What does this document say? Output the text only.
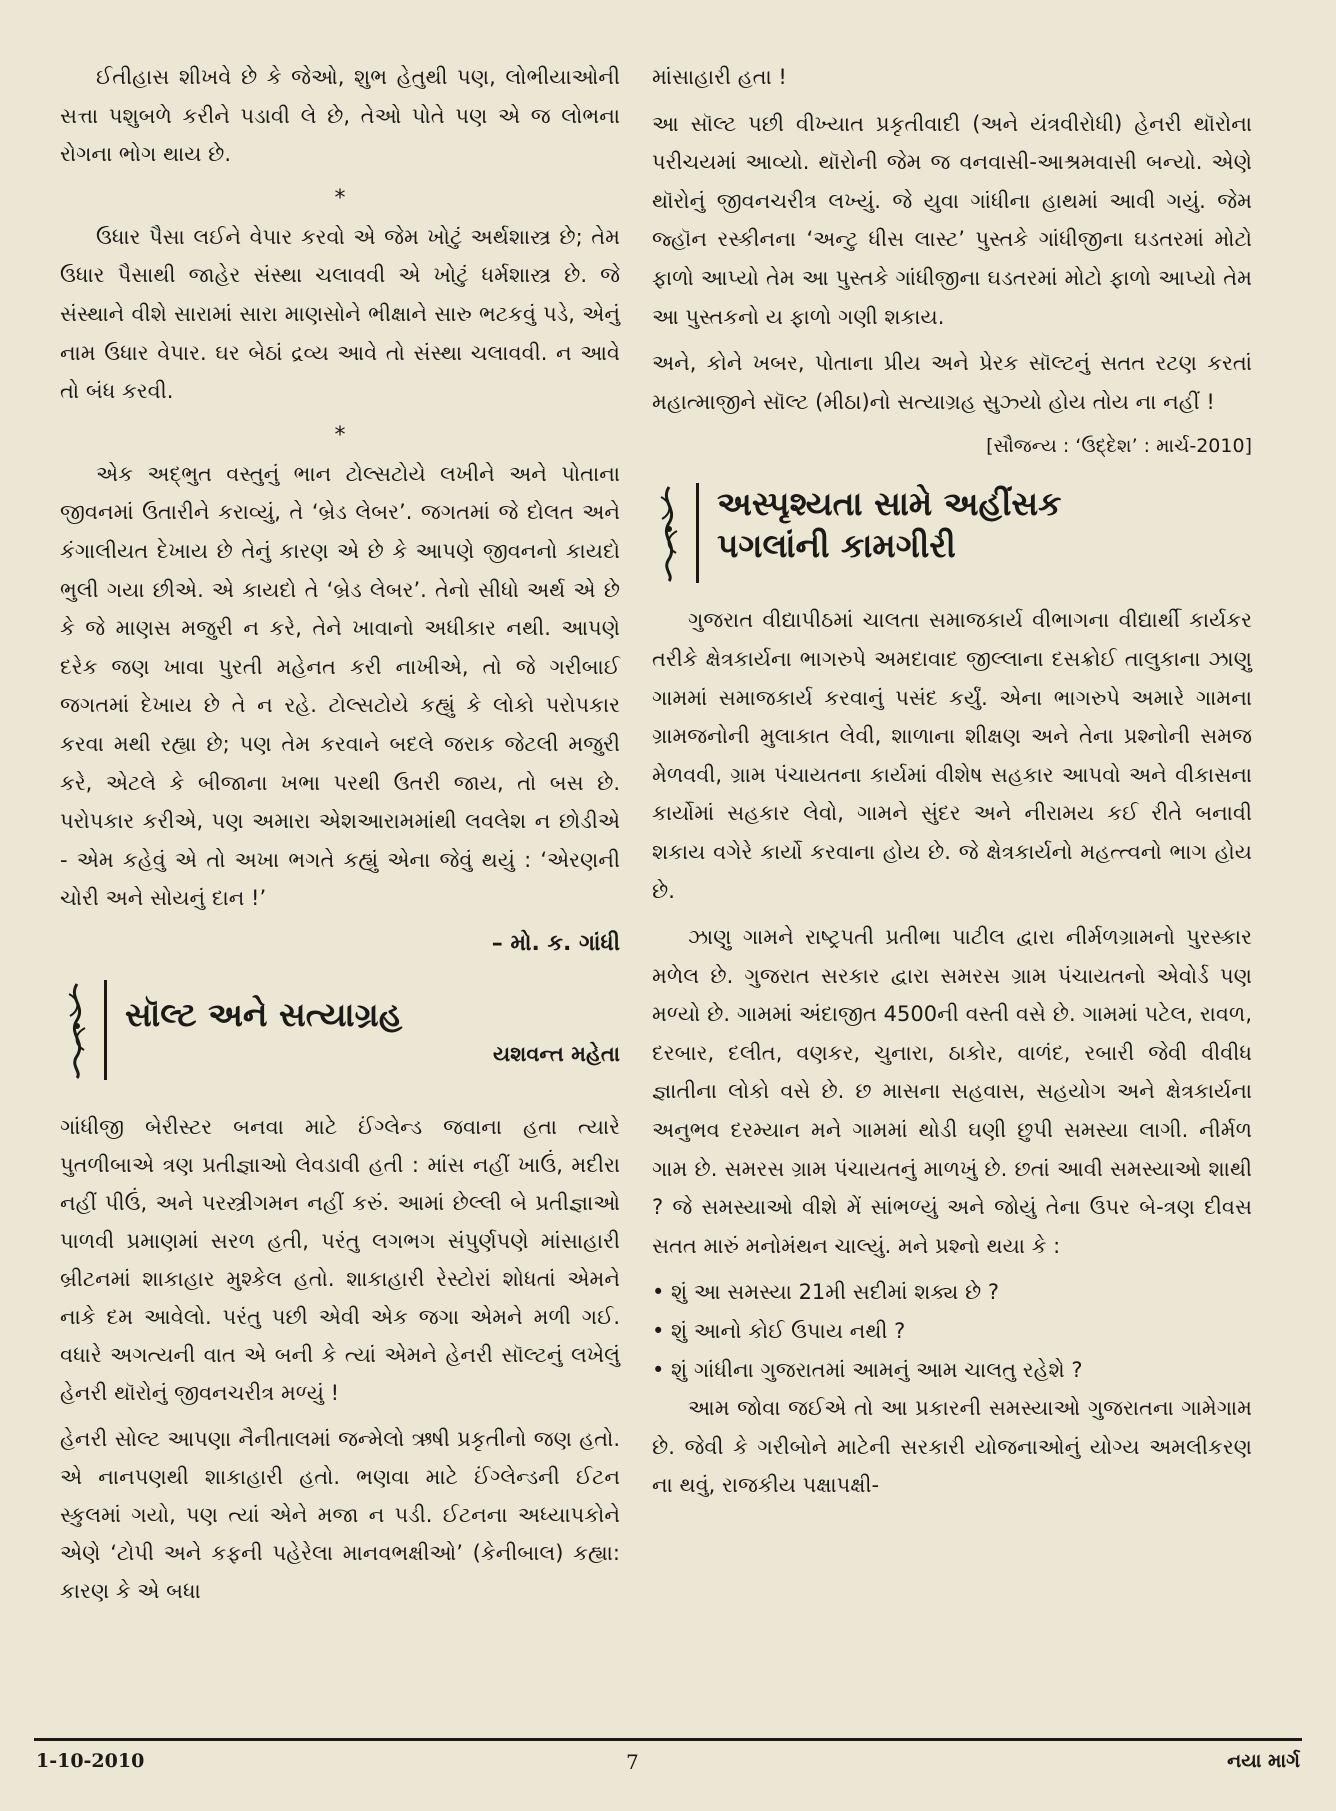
ઈતીહાસ શીખવે છે કે જેઓ, શુભ હેતુથી પણ, લોભીયાઓની સત્તા પશુબળે કરીને પડાવી લે છે, તેઓ પોતે પણ એ જ લોભના રોગના ભોગ થાય છે.

*

ઉધાર પૈસા લઈને વેપાર કરવો એ જેમ ખોટું અર્થશાસ્ત્ર છે; તેમ ઉધાર પૈસાથી જાહેર સંસ્થા ચલાવવી એ ખોટું ધર્મશાસ્ત્ર છે. જે સંસ્થાને વીશે સારામાં સારા માણસોને ભીક્ષાને સારુ ભટકવું પડે, એનું નામ ઉધાર વેપાર. ઘર બેઠાં દ્રવ્ય આવે તો સંસ્થા ચલાવવી. ન આવે તો બંધ કરવી.

*

એક અદ્ભુત વસ્તુનું ભાન ટોલ્સટોયે લખીને અને પોતાના જીવનમાં ઉતારીને કરાવ્યું, તે ‘બ્રેડ લેબર’. જગતમાં જે દોલત અને કંગાલીયત દેખાય છે તેનું કારણ એ છે કે આપણે જીવનનો કાયદો ભુલી ગયા છીએ. એ કાયદો તે ‘બ્રેડ લેબર’. તેનો સીધો અર્થ એ છે કે જે માણસ મજુરી ન કરે, તેને ખાવાનો અધીકાર નથી. આપણે દરેક જણ ખાવા પુરતી મહેનત કરી નાખીએ, તો જે ગરીબાઈ જગતમાં દેખાય છે તે ન રહે. ટોલ્સટોયે કહ્યું કે લોકો પરોપકાર કરવા મથી રહ્યા છે; પણ તેમ કરવાને બદલે જરાક જેટલી મજુરી કરે, એટલે કે બીજાના ખભા પરથી ઉતરી જાય, તો બસ છે. પરોપકાર કરીએ, પણ અમારા એશઆરામમાંથી લવલેશ ન છોડીએ - એમ કહેવું એ તો અખા ભગતે કહ્યું એના જેવું થયું : ‘એરણની ચોરી અને સોયનું દાન !’

– મો. ક. ગાંધી
સૉલ્ટ અને સત્યાગ્રહ
યશવન્ત મહેતા

ગાંધીજી બેરીસ્ટર બનવા માટે ઈંગ્લેન્ડ જવાના હતા ત્યારે પુતળીબાએ ત્રણ પ્રતીજ્ઞાઓ લેવડાવી હતી : માંસ નહીં ખાઉં, મદીરા નહીં પીઉં, અને પરસ્ત્રીગમન નહીં કરું. આમાં છેલ્લી બે પ્રતીજ્ઞાઓ પાળવી પ્રમાણમાં સરળ હતી, પરંતુ લગભગ સંપુર્ણપણે માંસાહારી બ્રીટનમાં શાકાહાર મુશ્કેલ હતો. શાકાહારી રેસ્ટોરાં શોધતાં એમને નાકે દમ આવેલો. પરંતુ પછી એવી એક જગા એમને મળી ગઈ. વધારે અગત્યની વાત એ બની કે ત્યાં એમને હેનરી સૉલ્ટનું લખેલું હેનરી થૉરોનું જીવનચરીત્ર મળ્યું !

હેનરી સોલ્ટ આપણા નૈનીતાલમાં જન્મેલો ઋષી પ્રકૃતીનો જણ હતો. એ નાનપણથી શાકાહારી હતો. ભણવા માટે ઈંગ્લેન્ડની ઈટન સ્કુલમાં ગયો, પણ ત્યાં એને મજા ન પડી. ઈટનના અધ્યાપકોને એણે ‘ટોપી અને કફની પહેરેલા માનવભક્ષીઓ’ (કેનીબાલ) કહ્યા: કારણ કે એ બધા

માંસાહારી હતા !

આ સૉલ્ટ પછી વીખ્યાત પ્રકૃતીવાદી (અને યંત્રવીરોધી) હેનરી થૉરોના પરીચયમાં આવ્યો. થૉરોની જેમ જ વનવાસી-આશ્રમવાસી બન્યો. એણે થૉરોનું જીવનચરીત્ર લખ્યું. જે યુવા ગાંધીના હાથમાં આવી ગયું. જેમ જ્હૉન રસ્કીનના ‘અન્ટુ ધીસ લાસ્ટ’ પુસ્તકે ગાંધીજીના ઘડતરમાં મોટો ફાળો આપ્યો તેમ આ પુસ્તકે ગાંધીજીના ઘડતરમાં મોટો ફાળો આપ્યો તેમ આ પુસ્તકનો ય ફાળો ગણી શકાય.

અને, કોને ખબર, પોતાના પ્રીય અને પ્રેરક સૉલ્ટનું સતત રટણ કરતાં મહાત્માજીને સૉલ્ટ (મીઠા)નો સત્યાગ્રહ સુઝ્યો હોય તોય ના નહીં !

[સૌજન્ય : ‘ઉદ્દેશ’ : માર્ચ-2010]
અસ્પૃશ્યતા સામે અહીંસક
પગલાંની કામગીરી

ગુજરાત વીદ્યાપીઠમાં ચાલતા સમાજકાર્ય વીભાગના વીદ્યાર્થી કાર્યકર તરીકે ક્ષેત્રકાર્યના ભાગરુપે અમદાવાદ જીલ્લાના દસક્રોઈ તાલુકાના ઝાણુ ગામમાં સમાજકાર્ય કરવાનું પસંદ કર્યું. એના ભાગરુપે અમારે ગામના ગ્રામજનોની મુલાકાત લેવી, શાળાના શીક્ષણ અને તેના પ્રશ્નોની સમજ મેળવવી, ગ્રામ પંચાયતના કાર્યમાં વીશેષ સહકાર આપવો અને વીકાસના કાર્યોમાં સહકાર લેવો, ગામને સુંદર અને નીરામય કઈ રીતે બનાવી શકાય વગેરે કાર્યો કરવાના હોય છે. જે ક્ષેત્રકાર્યનો મહત્ત્વનો ભાગ હોય છે.

ઝાણુ ગામને રાષ્ટ્રપતી પ્રતીભા પાટીલ દ્વારા નીર્મળગ્રામનો પુરસ્કાર મળેલ છે. ગુજરાત સરકાર દ્વારા સમરસ ગ્રામ પંચાયતનો એવોર્ડ પણ મળ્યો છે. ગામમાં અંદાજીત 4500ની વસ્તી વસે છે. ગામમાં પટેલ, રાવળ, દરબાર, દલીત, વણકર, ચુનારા, ઠાકોર, વાળંદ, રબારી જેવી વીવીધ જ્ઞાતીના લોકો વસે છે. છ માસના સહવાસ, સહયોગ અને ક્ષેત્રકાર્યના અનુભવ દરમ્યાન મને ગામમાં થોડી ઘણી છુપી સમસ્યા લાગી. નીર્મળ ગામ છે. સમરસ ગ્રામ પંચાયતનું માળખું છે. છતાં આવી સમસ્યાઓ શાથી ? જે સમસ્યાઓ વીશે મેં સાંભળ્યું અને જોયું તેના ઉપર બે-ત્રણ દીવસ સતત મારું મનોમંથન ચાલ્યું. મને પ્રશ્નો થયા કે :

• શું આ સમસ્યા 21મી સદીમાં શક્ય છે ?

• શું આનો કોઈ ઉપાય નથી ?

• શું ગાંધીના ગુજરાતમાં આમનું આમ ચાલતુ રહેશે ?

આમ જોવા જઈએ તો આ પ્રકારની સમસ્યાઓ ગુજરાતના ગામેગામ છે. જેવી કે ગરીબોને માટેની સરકારી યોજનાઓનું યોગ્ય અમલીકરણ ના થવું, રાજકીય પક્ષાપક્ષી-

1-10-2010	7	નયા માર્ગ
